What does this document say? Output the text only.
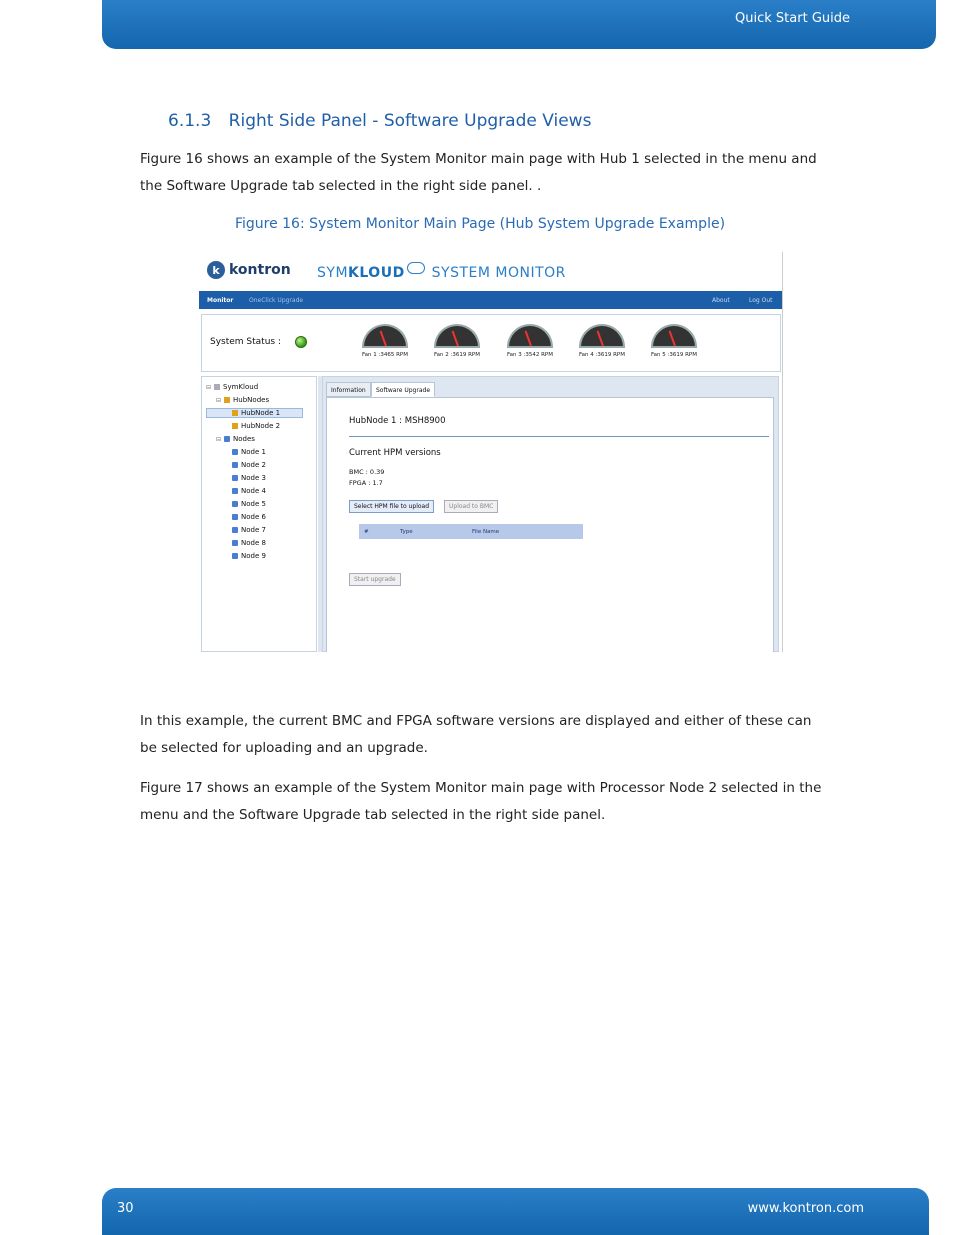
Quick Start Guide
6.1.3 Right Side Panel - Software Upgrade Views

Figure 16 shows an example of the System Monitor main page with Hub 1 selected in the menu and the Software Upgrade tab selected in the right side panel. .

Figure 16: System Monitor Main Page (Hub System Upgrade Example)
k kontron SYMKLOUD SYSTEM MONITOR
Monitor	OneClick Upgrade	About	Log Out
System Status :
Fan 1 :3465 RPM	Fan 2 :3619 RPM	Fan 3 :3542 RPM	Fan 4 :3619 RPM	Fan 5 :3619 RPM
⊟ SymKloud
⊟ HubNodes
HubNode 1
HubNode 2
⊟ Nodes
Node 1
Node 2
Node 3
Node 4
Node 5
Node 6
Node 7
Node 8
Node 9
Information	Software Upgrade
HubNode 1 : MSH8900
Current HPM versions
BMC : 0.39
FPGA : 1.7
Select HPM file to upload	Upload to BMC
#	Type	File Name
Start upgrade

In this example, the current BMC and FPGA software versions are displayed and either of these can be selected for uploading and an upgrade.

Figure 17 shows an example of the System Monitor main page with Processor Node 2 selected in the menu and the Software Upgrade tab selected in the right side panel.

30	www.kontron.com
